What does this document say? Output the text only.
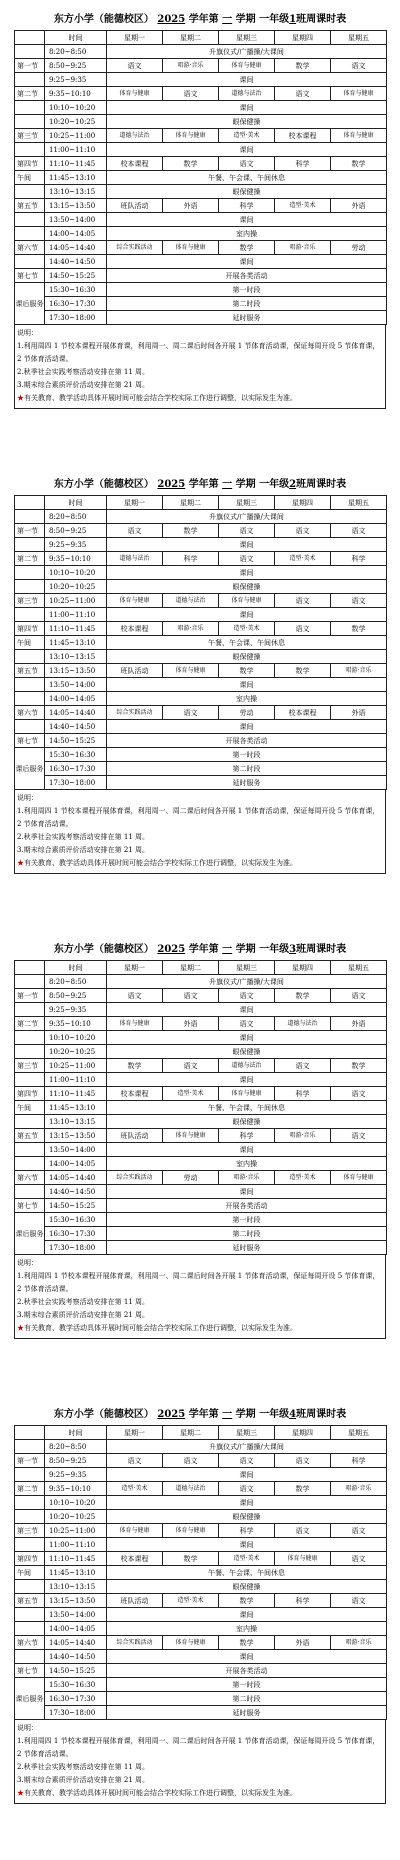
东方小学（能德校区） 2025 学年第 一 学期 一年级1班周课时表
	时间	星期一	星期二	星期三	星期四	星期五
	8:20~8:50	升旗仪式/广播操/大课间				
第一节	8:50~9:25	语文	唱游·音乐	体育与健康	数学	语文
	9:25~9:35	课间				
第二节	9:35~10:10	体育与健康	语文	道德与法治	语文	体育与健康
	10:10~10:20	课间				
	10:20~10:25	眼保健操				
第三节	10:25~11:00	道德与法治	体育与健康	造型·美术	校本课程	体育与健康
	11:00~11:10	课间				
第四节	11:10~11:45	校本课程	数学	语文	科学	数学
午间	11:45~13:10	午餐、午会课、午间休息				
	13:10~13:15	眼保健操				
第五节	13:15~13:50	班队活动	外语	科学	造型·美术	外语
	13:50~14:00	课间				
	14:00~14:05	室内操				
第六节	14:05~14:40	综合实践活动	体育与健康	数学	唱游·音乐	劳动
	14:40~14:50	课间				
第七节	14:50~15:25	开展各类活动				
课后服务	15:30~16:30	第一时段				
	16:30~17:30	第二时段				
	17:30~18:00	延时服务				

说明：

1.利用周四 1 节校本课程开展体育课，利用周一、周二课后时间各开展 1 节体育活动课，保证每周开设 5 节体育课，2 节体育活动课。

2.秋季社会实践考察活动安排在第 11 周。

3.期末综合素质评价活动安排在第 21 周。

★有关教育、教学活动具体开展时间可能会结合学校实际工作进行调整，以实际发生为准。

东方小学（能德校区） 2025 学年第 一 学期 一年级2班周课时表
	时间	星期一	星期二	星期三	星期四	星期五
	8:20~8:50	升旗仪式/广播操/大课间				
第一节	8:50~9:25	语文	数学	语文	语文	语文
	9:25~9:35	课间				
第二节	9:35~10:10	道德与法治	科学	语文	造型·美术	科学
	10:10~10:20	课间				
	10:20~10:25	眼保健操				
第三节	10:25~11:00	体育与健康	道德与法治	体育与健康	语文	语文
	11:00~11:10	课间				
第四节	11:10~11:45	校本课程	唱游·音乐	造型·美术	语文	数学
午间	11:45~13:10	午餐、午会课、午间休息				
	13:10~13:15	眼保健操				
第五节	13:15~13:50	班队活动	体育与健康	数学	数学	唱游·音乐
	13:50~14:00	课间				
	14:00~14:05	室内操				
第六节	14:05~14:40	综合实践活动	语文	劳动	校本课程	外语
	14:40~14:50	课间				
第七节	14:50~15:25	开展各类活动				
课后服务	15:30~16:30	第一时段				
	16:30~17:30	第二时段				
	17:30~18:00	延时服务				

说明：

1.利用周四 1 节校本课程开展体育课，利用周一、周二课后时间各开展 1 节体育活动课，保证每周开设 5 节体育课，2 节体育活动课。

2.秋季社会实践考察活动安排在第 11 周。

3.期末综合素质评价活动安排在第 21 周。

★有关教育、教学活动具体开展时间可能会结合学校实际工作进行调整，以实际发生为准。

东方小学（能德校区） 2025 学年第 一 学期 一年级3班周课时表
	时间	星期一	星期二	星期三	星期四	星期五
	8:20~8:50	升旗仪式/广播操/大课间				
第一节	8:50~9:25	语文	语文	语文	数学	语文
	9:25~9:35	课间				
第二节	9:35~10:10	体育与健康	外语	语文	道德与法治	外语
	10:10~10:20	课间				
	10:20~10:25	眼保健操				
第三节	10:25~11:00	数学	语文	道德与法治	语文	数学
	11:00~11:10	课间				
第四节	11:10~11:45	校本课程	造型·美术	体育与健康	科学	语文
午间	11:45~13:10	午餐、午会课、午间休息				
	13:10~13:15	眼保健操				
第五节	13:15~13:50	班队活动	体育与健康	科学	唱游·音乐	语文
	13:50~14:00	课间				
	14:00~14:05	室内操				
第六节	14:05~14:40	综合实践活动	劳动	唱游·音乐	造型·美术	体育与健康
	14:40~14:50	课间				
第七节	14:50~15:25	开展各类活动				
课后服务	15:30~16:30	第一时段				
	16:30~17:30	第二时段				
	17:30~18:00	延时服务				

说明：

1.利用周四 1 节校本课程开展体育课，利用周一、周二课后时间各开展 1 节体育活动课，保证每周开设 5 节体育课，2 节体育活动课。

2.秋季社会实践考察活动安排在第 11 周。

3.期末综合素质评价活动安排在第 21 周。

★有关教育、教学活动具体开展时间可能会结合学校实际工作进行调整，以实际发生为准。

东方小学（能德校区） 2025 学年第 一 学期 一年级4班周课时表
	时间	星期一	星期二	星期三	星期四	星期五
	8:20~8:50	升旗仪式/广播操/大课间				
第一节	8:50~9:25	语文	语文	语文	语文	科学
	9:25~9:35	课间				
第二节	9:35~10:10	造型·美术	道德与法治	语文	数学	唱游·音乐
	10:10~10:20	课间				
	10:20~10:25	眼保健操				
第三节	10:25~11:00	体育与健康	体育与健康	科学	语文	语文
	11:00~11:10	课间				
第四节	11:10~11:45	校本课程	数学	造型·美术	体育与健康	语文
午间	11:45~13:10	午餐、午会课、午间休息				
	13:10~13:15	眼保健操				
第五节	13:15~13:50	班队活动	造型·美术	数学	科学	语文
	13:50~14:00	课间				
	14:00~14:05	室内操				
第六节	14:05~14:40	综合实践活动	体育与健康	数学	外语	唱游·音乐
	14:40~14:50	课间				
第七节	14:50~15:25	开展各类活动				
课后服务	15:30~16:30	第一时段				
	16:30~17:30	第二时段				
	17:30~18:00	延时服务				

说明：

1.利用周四 1 节校本课程开展体育课，利用周一、周二课后时间各开展 1 节体育活动课，保证每周开设 5 节体育课，2 节体育活动课。

2.秋季社会实践考察活动安排在第 11 周。

3.期末综合素质评价活动安排在第 21 周。

★有关教育、教学活动具体开展时间可能会结合学校实际工作进行调整，以实际发生为准。
